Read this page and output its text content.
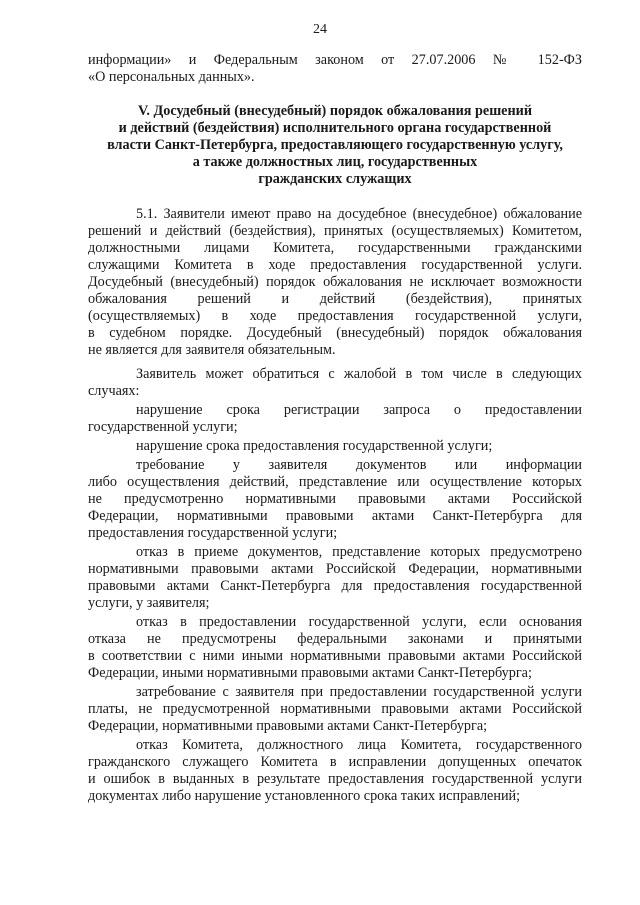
24
информации» и Федеральным законом от 27.07.2006 № 152-ФЗ
«О персональных данных».
V. Досудебный (внесудебный) порядок обжалования решений
и действий (бездействия) исполнительного органа государственной
власти Санкт-Петербурга, предоставляющего государственную услугу,
а также должностных лиц, государственных
гражданских служащих
5.1. Заявители имеют право на досудебное (внесудебное) обжалование
решений и действий (бездействия), принятых (осуществляемых) Комитетом,
должностными лицами Комитета, государственными гражданскими
служащими Комитета в ходе предоставления государственной услуги.
Досудебный (внесудебный) порядок обжалования не исключает возможности
обжалования решений и действий (бездействия), принятых
(осуществляемых) в ходе предоставления государственной услуги,
в судебном порядке. Досудебный (внесудебный) порядок обжалования
не является для заявителя обязательным.
Заявитель может обратиться с жалобой в том числе в следующих
случаях:
нарушение срока регистрации запроса о предоставлении
государственной услуги;
нарушение срока предоставления государственной услуги;
требование у заявителя документов или информации
либо осуществления действий, представление или осуществление которых
не предусмотренно нормативными правовыми актами Российской
Федерации, нормативными правовыми актами Санкт-Петербурга для
предоставления государственной услуги;
отказ в приеме документов, представление которых предусмотрено
нормативными правовыми актами Российской Федерации, нормативными
правовыми актами Санкт-Петербурга для предоставления государственной
услуги, у заявителя;
отказ в предоставлении государственной услуги, если основания
отказа не предусмотрены федеральными законами и принятыми
в соответствии с ними иными нормативными правовыми актами Российской
Федерации, иными нормативными правовыми актами Санкт-Петербурга;
затребование с заявителя при предоставлении государственной услуги
платы, не предусмотренной нормативными правовыми актами Российской
Федерации, нормативными правовыми актами Санкт-Петербурга;
отказ Комитета, должностного лица Комитета, государственного
гражданского служащего Комитета в исправлении допущенных опечаток
и ошибок в выданных в результате предоставления государственной услуги
документах либо нарушение установленного срока таких исправлений;
